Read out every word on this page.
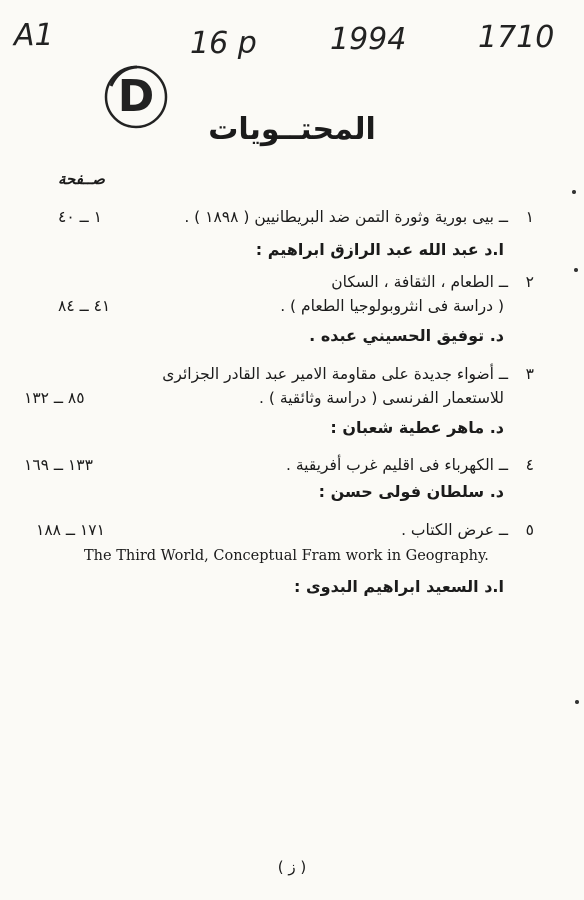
A1	16 p 1994 1710
D
المحتــويات
صــفحة
١
ــ بيى بورية وثورة التمن ضد البريطانيين ( ١٨٩٨ ) .
١ ــ ٤٠
ا.د عبد الله عبد الرازق ابراهيم :
٢
ــ الطعام ، الثقافة ، السكان
( دراسة فى انثروبولوجيا الطعام ) .
٤١ ــ ٨٤
د. توفيق الحسيني عبده .
٣
ــ أضواء جديدة على مقاومة الامير عبد القادر الجزائرى
للاستعمار الفرنسى ( دراسة وثائقية ) .
٨٥ ــ ١٣٢
د. ماهر عطية شعبان :
٤
ــ الكهرباء فى اقليم غرب أفريقية .
١٣٣ ــ ١٦٩
د. سلطان فولى حسن :
٥
ــ عرض الكتاب .
١٧١ ــ ١٨٨
The Third World, Conceptual Fram work in Geography.
ا.د السعيد ابراهيم البدوى :
( ز )
